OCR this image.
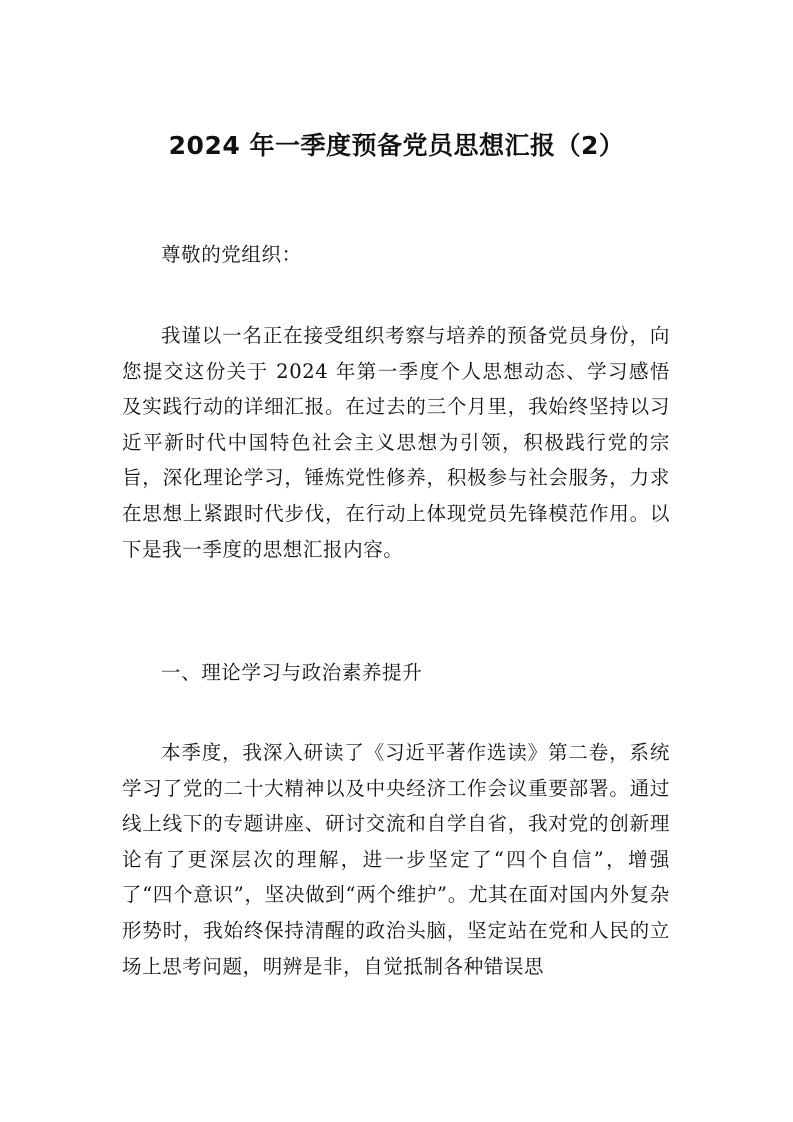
2024 年一季度预备党员思想汇报（2）

尊敬的党组织：

我谨以一名正在接受组织考察与培养的预备党员身份，向您提交这份关于 2024 年第一季度个人思想动态、学习感悟及实践行动的详细汇报。在过去的三个月里，我始终坚持以习近平新时代中国特色社会主义思想为引领，积极践行党的宗旨，深化理论学习，锤炼党性修养，积极参与社会服务，力求在思想上紧跟时代步伐，在行动上体现党员先锋模范作用。以下是我一季度的思想汇报内容。

一、理论学习与政治素养提升

本季度，我深入研读了《习近平著作选读》第二卷，系统学习了党的二十大精神以及中央经济工作会议重要部署。通过线上线下的专题讲座、研讨交流和自学自省，我对党的创新理论有了更深层次的理解，进一步坚定了“四个自信”，增强了“四个意识”，坚决做到“两个维护”。尤其在面对国内外复杂形势时，我始终保持清醒的政治头脑，坚定站在党和人民的立场上思考问题，明辨是非，自觉抵制各种错误思
